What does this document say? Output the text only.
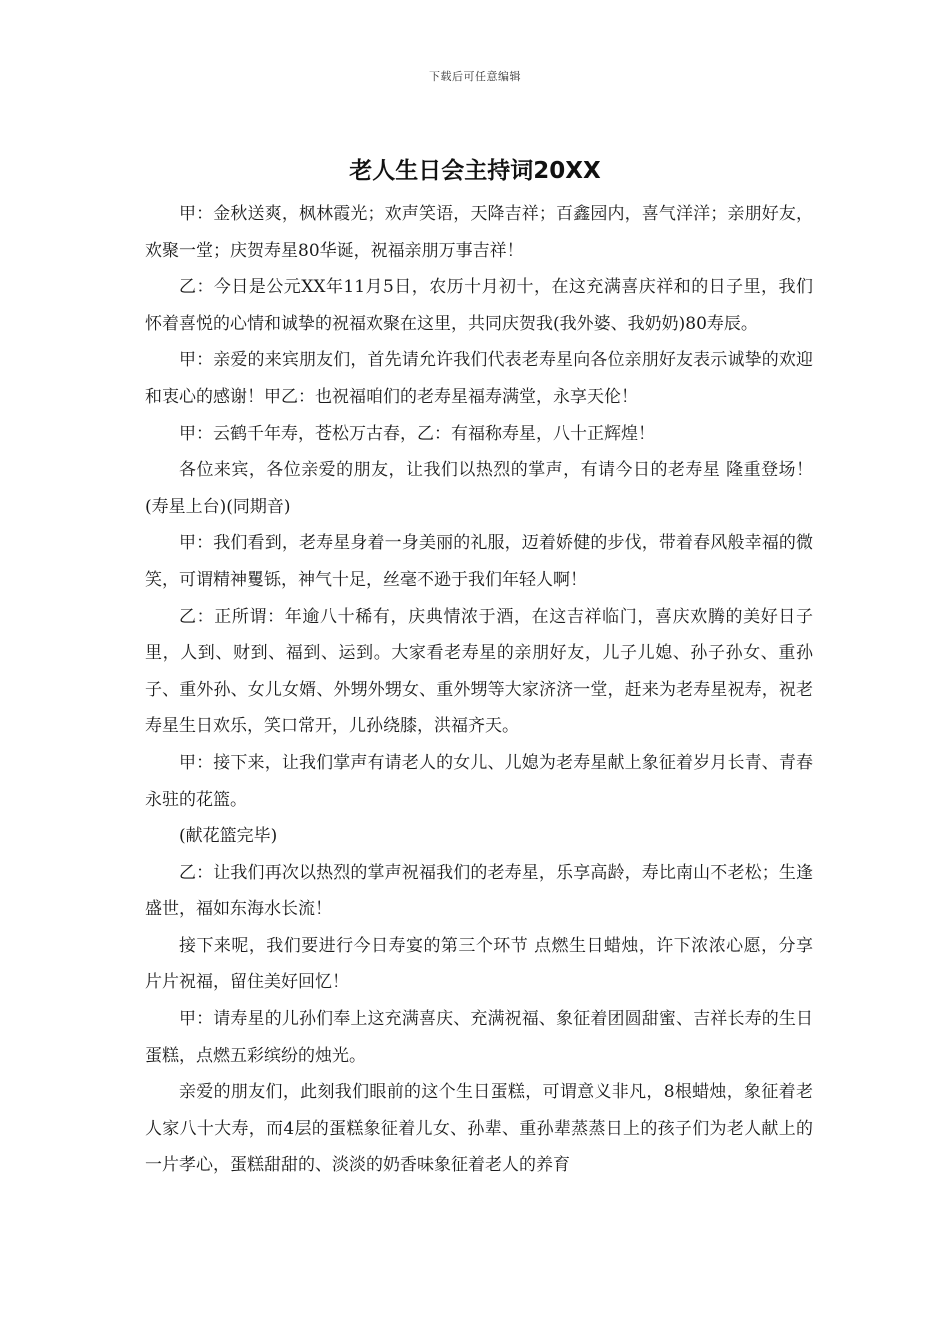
下载后可任意编辑
老人生日会主持词20XX

甲：金秋送爽，枫林霞光；欢声笑语，天降吉祥；百鑫园内，喜气洋洋；亲朋好友，欢聚一堂；庆贺寿星80华诞，祝福亲朋万事吉祥！

乙：今日是公元XX年11月5日，农历十月初十，在这充满喜庆祥和的日子里，我们怀着喜悦的心情和诚挚的祝福欢聚在这里，共同庆贺我(我外婆、我奶奶)80寿辰。

甲：亲爱的来宾朋友们，首先请允许我们代表老寿星向各位亲朋好友表示诚挚的欢迎和衷心的感谢！甲乙：也祝福咱们的老寿星福寿满堂，永享天伦！

甲：云鹤千年寿，苍松万古春，乙：有福称寿星，八十正辉煌！

各位来宾，各位亲爱的朋友，让我们以热烈的掌声，有请今日的老寿星 隆重登场！(寿星上台)(同期音)

甲：我们看到，老寿星身着一身美丽的礼服，迈着娇健的步伐，带着春风般幸福的微笑，可谓精神矍铄，神气十足，丝毫不逊于我们年轻人啊！

乙：正所谓：年逾八十稀有，庆典情浓于酒，在这吉祥临门，喜庆欢腾的美好日子里，人到、财到、福到、运到。大家看老寿星的亲朋好友，儿子儿媳、孙子孙女、重孙子、重外孙、女儿女婿、外甥外甥女、重外甥等大家济济一堂，赶来为老寿星祝寿，祝老寿星生日欢乐，笑口常开，儿孙绕膝，洪福齐天。

甲：接下来，让我们掌声有请老人的女儿、儿媳为老寿星献上象征着岁月长青、青春永驻的花篮。

(献花篮完毕)

乙：让我们再次以热烈的掌声祝福我们的老寿星，乐享高龄，寿比南山不老松；生逢盛世，福如东海水长流！

接下来呢，我们要进行今日寿宴的第三个环节 点燃生日蜡烛，许下浓浓心愿，分享片片祝福，留住美好回忆！

甲：请寿星的儿孙们奉上这充满喜庆、充满祝福、象征着团圆甜蜜、吉祥长寿的生日蛋糕，点燃五彩缤纷的烛光。

亲爱的朋友们，此刻我们眼前的这个生日蛋糕，可谓意义非凡，8根蜡烛，象征着老人家八十大寿，而4层的蛋糕象征着儿女、孙辈、重孙辈蒸蒸日上的孩子们为老人献上的一片孝心，蛋糕甜甜的、淡淡的奶香味象征着老人的养育
